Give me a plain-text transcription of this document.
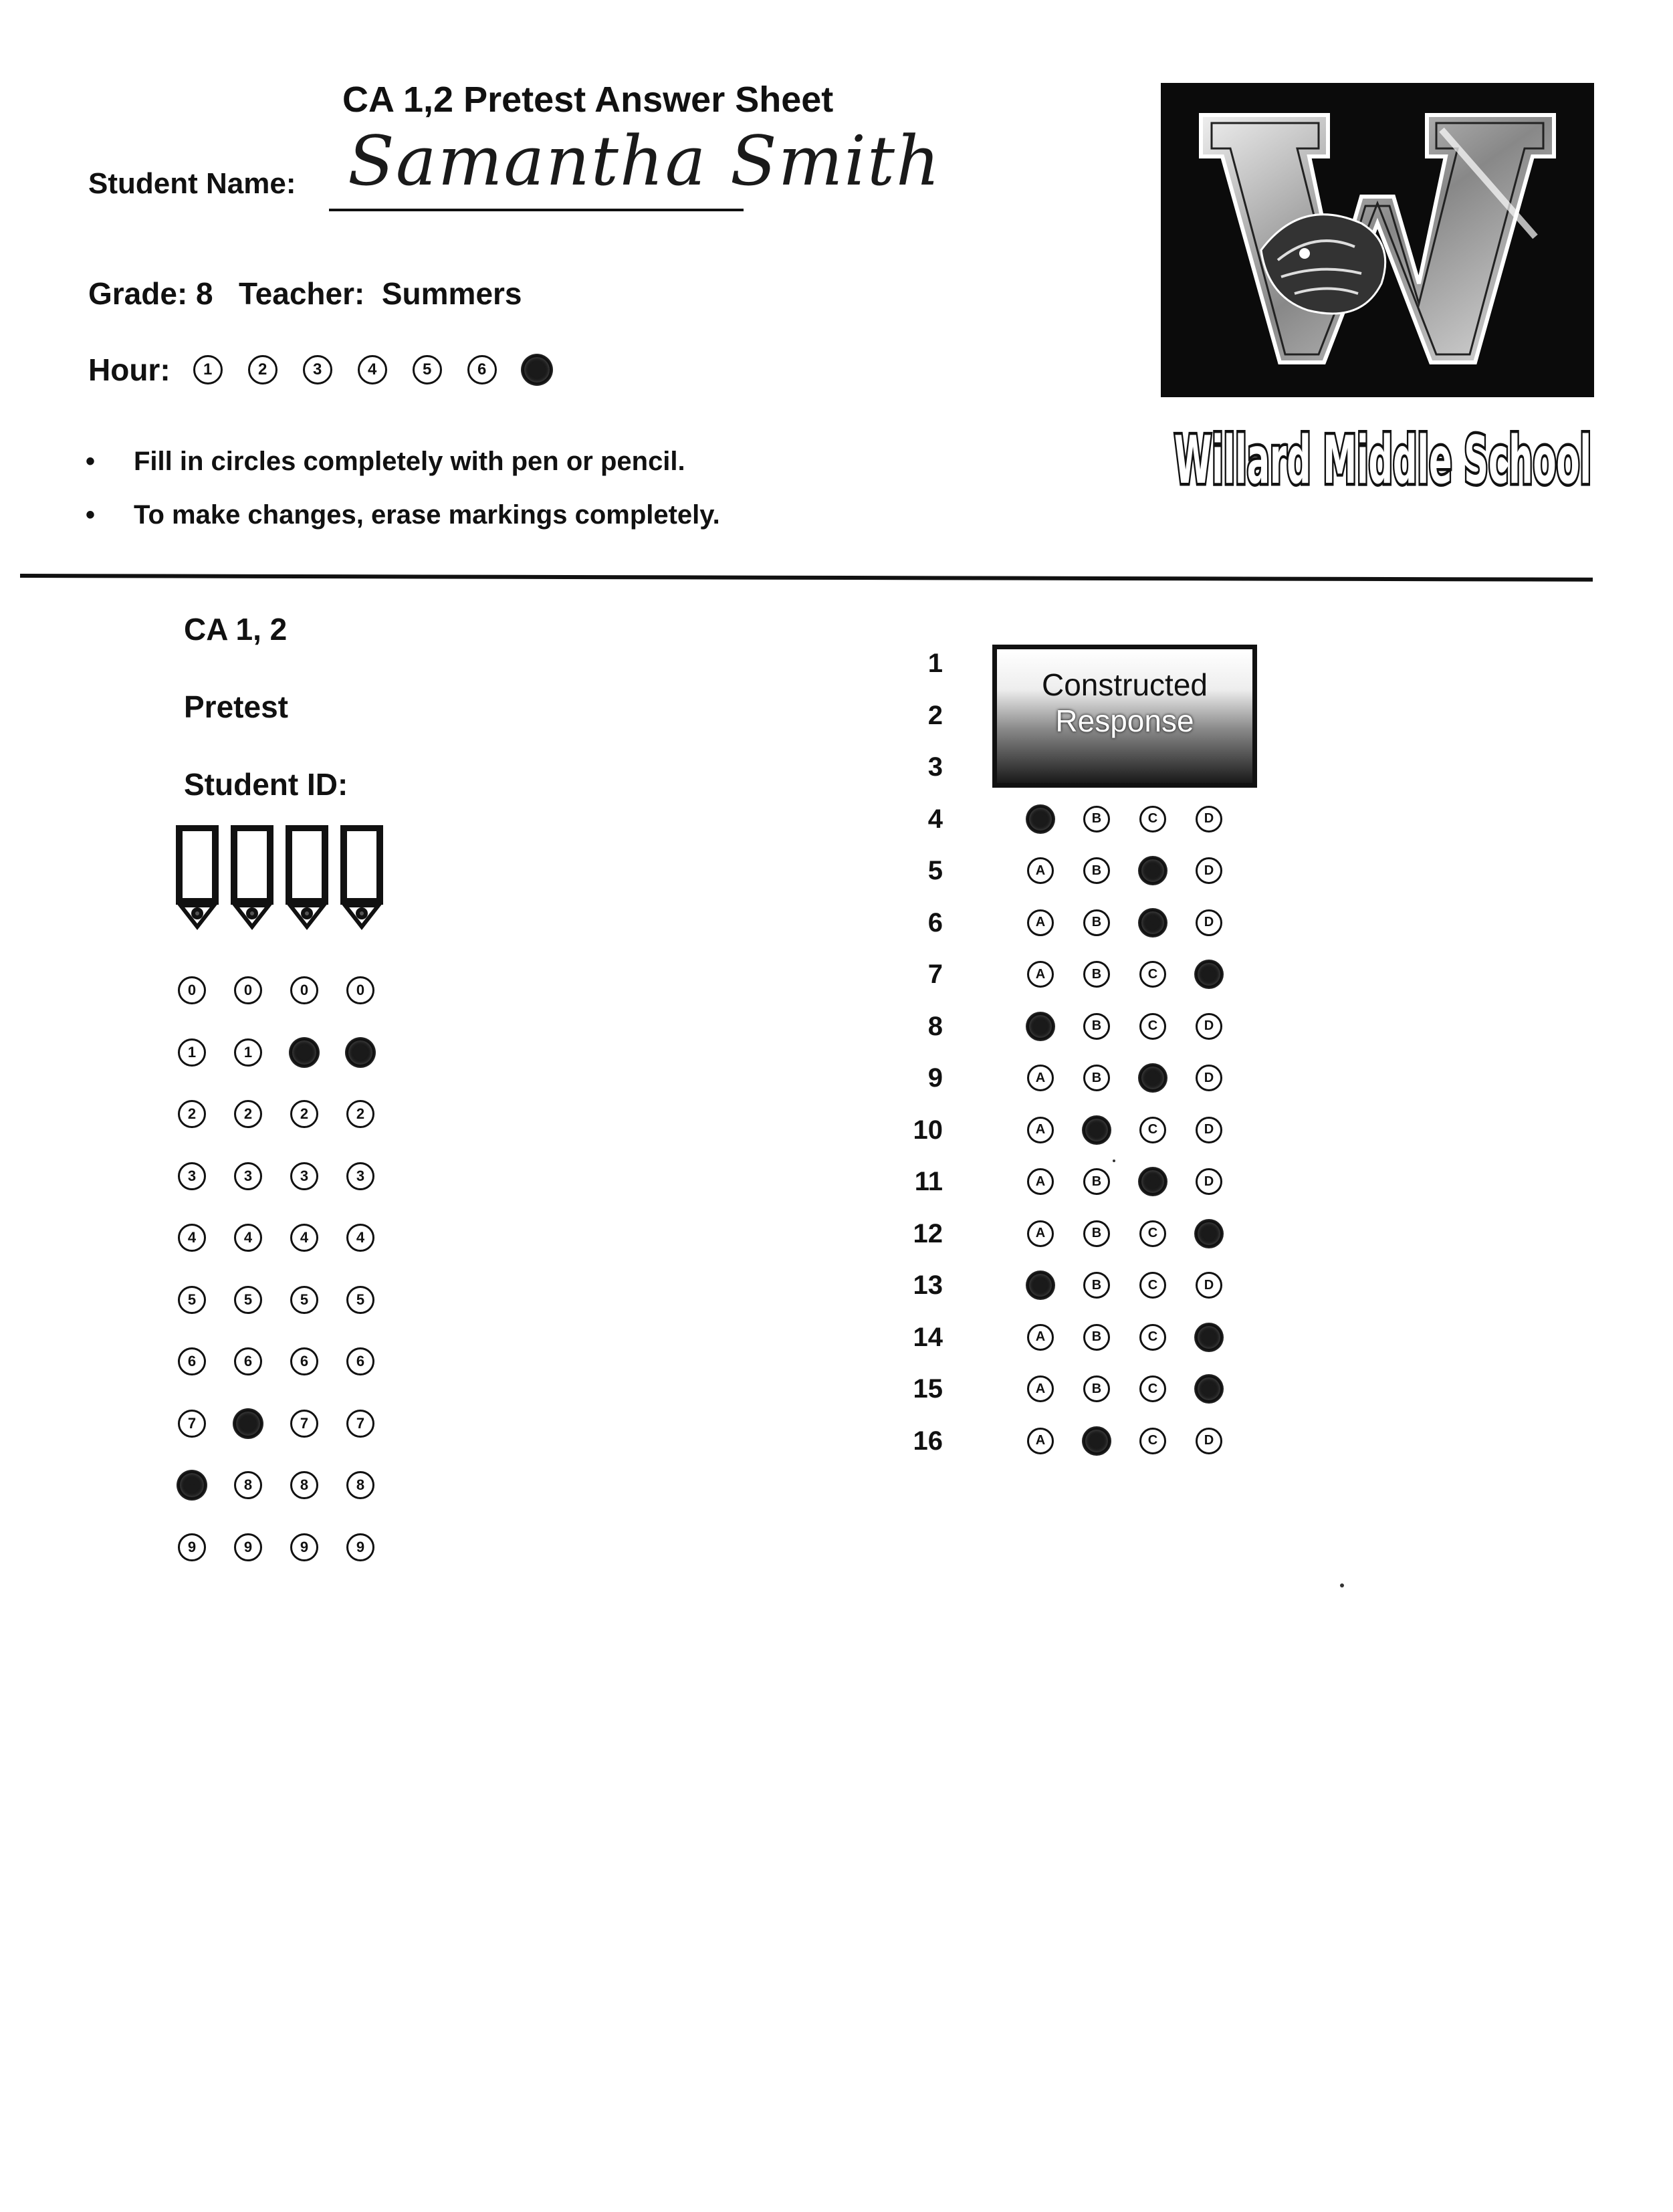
CA 1,2 Pretest Answer Sheet
Student Name: Samantha Smith
Grade: 8   Teacher:  Summers
Hour:	1	2	3	4	5	6	7
•	Fill in circles completely with pen or pencil.
•	To make changes, erase markings completely.
Willard Middle School
CA 1, 2
Pretest
Student ID:
0	0	0	0
1	1	1	1
2	2	2	2
3	3	3	3
4	4	4	4
5	5	5	5
6	6	6	6
7	7	7	7
8	8	8	8
9	9	9	9
Constructed
Response
1
2
3
4	A	B	C	D
5	A	B	C	D
6	A	B	C	D
7	A	B	C	D
8	A	B	C	D
9	A	B	C	D
10	A	B	C	D
11	A	B	C	D
12	A	B	C	D
13	A	B	C	D
14	A	B	C	D
15	A	B	C	D
16	A	B	C	D
